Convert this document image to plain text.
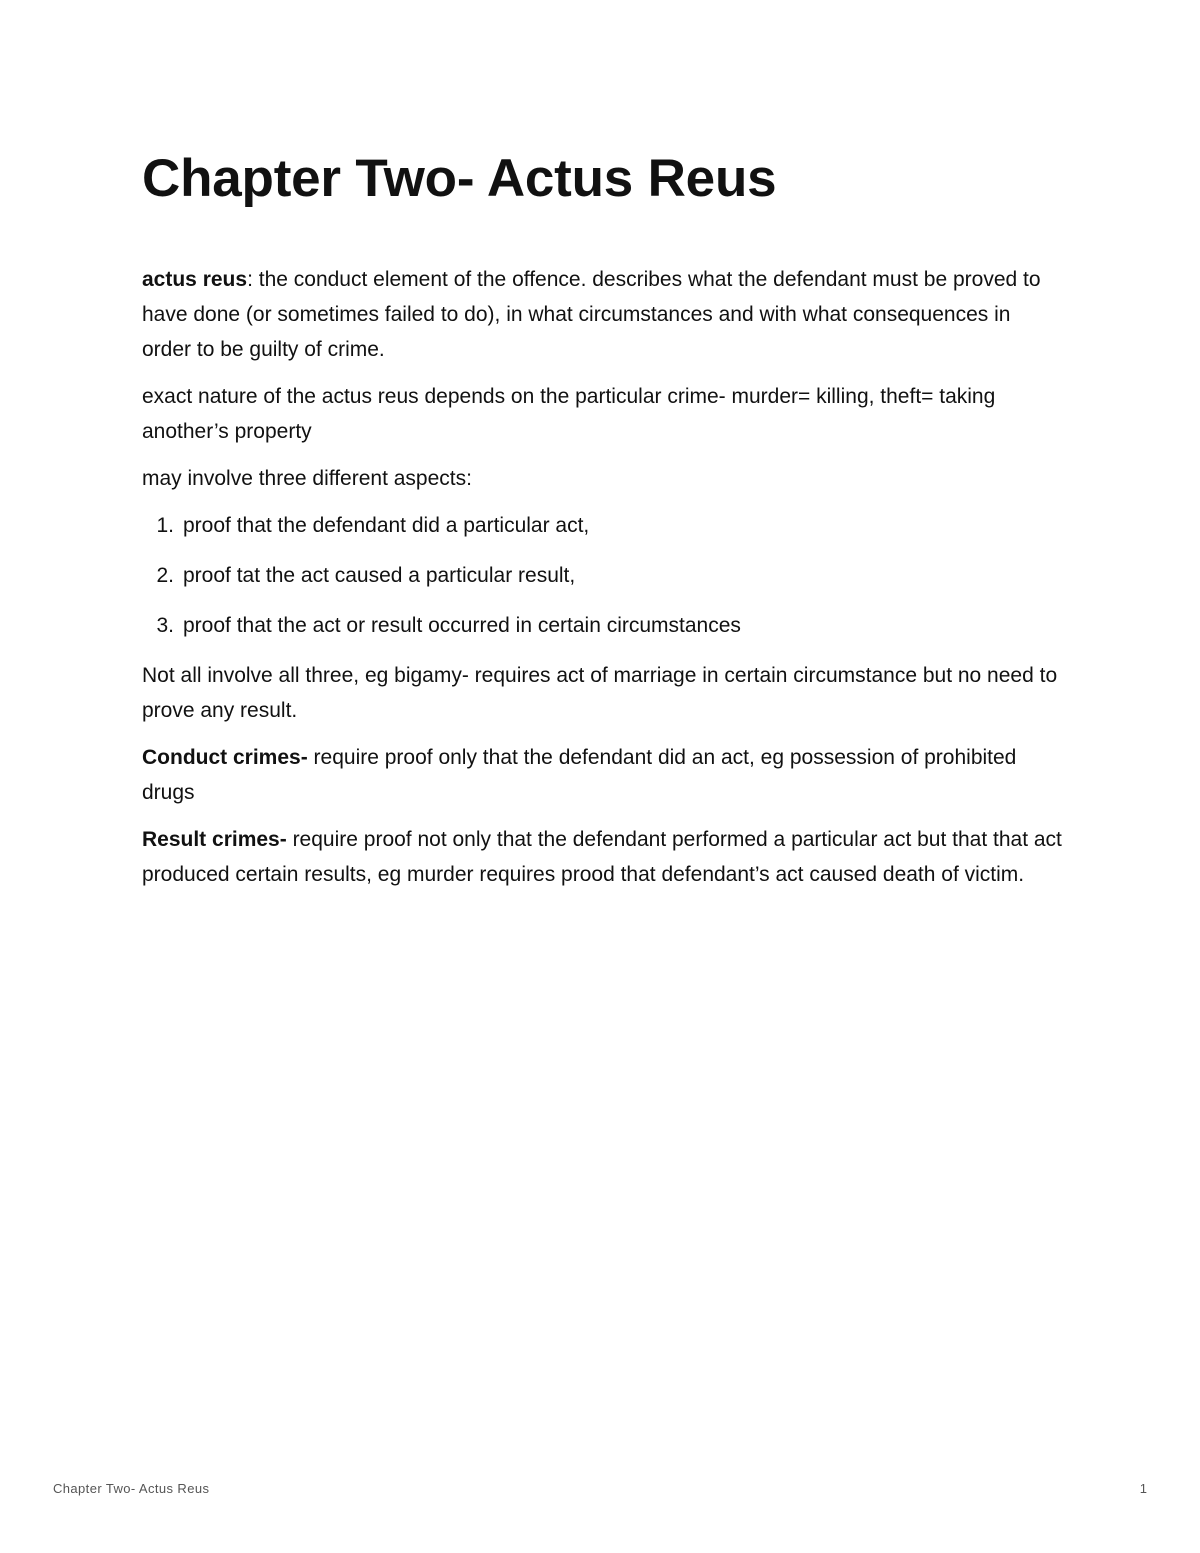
Chapter Two- Actus Reus

actus reus: the conduct element of the offence. describes what the defendant must be proved to have done (or sometimes failed to do), in what circumstances and with what consequences in order to be guilty of crime.

exact nature of the actus reus depends on the particular crime- murder= killing, theft= taking another’s property

may involve three different aspects:

1. proof that the defendant did a particular act,
2. proof tat the act caused a particular result,
3. proof that the act or result occurred in certain circumstances

Not all involve all three, eg bigamy- requires act of marriage in certain circumstance but no need to prove any result.

Conduct crimes- require proof only that the defendant did an act, eg possession of prohibited drugs

Result crimes- require proof not only that the defendant performed a particular act but that that act produced certain results, eg murder requires prood that defendant’s act caused death of victim.

Chapter Two- Actus Reus	1
